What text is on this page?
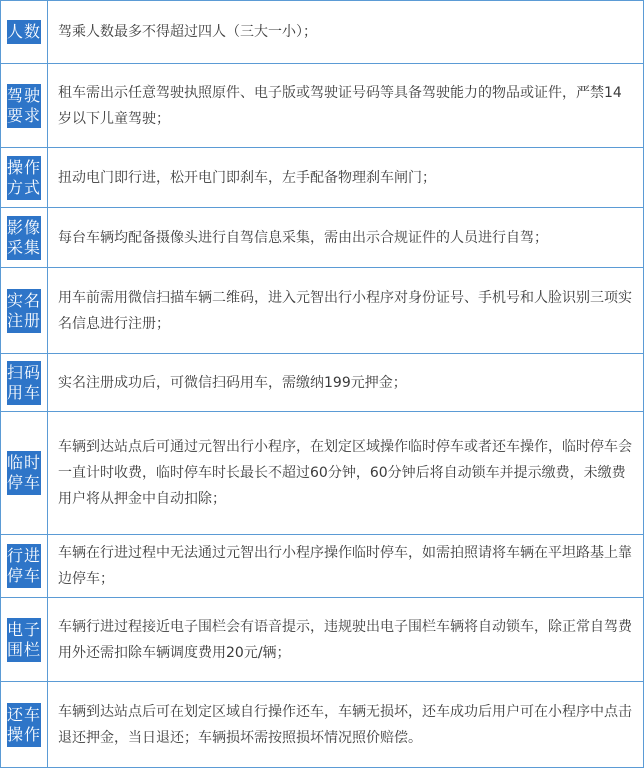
人数	驾乘人数最多不得超过四人（三大一小）；
驾驶要求	租车需出示任意驾驶执照原件、电子版或驾驶证号码等具备驾驶能力的物品或证件，严禁14岁以下儿童驾驶；
操作方式	扭动电门即行进，松开电门即刹车，左手配备物理刹车闸门；
影像采集	每台车辆均配备摄像头进行自驾信息采集，需由出示合规证件的人员进行自驾；
实名注册	用车前需用微信扫描车辆二维码，进入元智出行小程序对身份证号、手机号和人脸识别三项实名信息进行注册；
扫码用车	实名注册成功后，可微信扫码用车，需缴纳199元押金；
临时停车	车辆到达站点后可通过元智出行小程序，在划定区域操作临时停车或者还车操作，临时停车会一直计时收费，临时停车时长最长不超过60分钟，60分钟后将自动锁车并提示缴费，未缴费用户将从押金中自动扣除；
行进停车	车辆在行进过程中无法通过元智出行小程序操作临时停车，如需拍照请将车辆在平坦路基上靠边停车；
电子围栏	车辆行进过程接近电子围栏会有语音提示，违规驶出电子围栏车辆将自动锁车，除正常自驾费用外还需扣除车辆调度费用20元/辆；
还车操作	车辆到达站点后可在划定区域自行操作还车，车辆无损坏，还车成功后用户可在小程序中点击退还押金，当日退还；车辆损坏需按照损坏情况照价赔偿。
